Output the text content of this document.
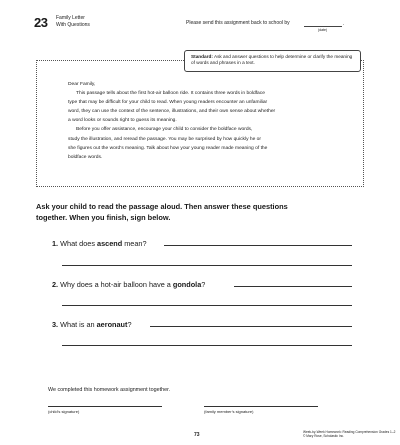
23 Family Letter
With Questions	Please send this assignment back to school by	.
(date)
Standard: Ask and answer questions to help determine or clarify the meaning of words and phrases in a text.

Dear Family,

This passage tells about the first hot-air balloon ride. It contains three words in boldface

type that may be difficult for your child to read. When young readers encounter an unfamiliar

word, they can use the context of the sentence, illustrations, and their own sense about whether

a word looks or sounds right to guess its meaning.

Before you offer assistance, encourage your child to consider the boldface words,

study the illustration, and reread the passage. You may be surprised by how quickly he or

she figures out the word’s meaning. Talk about how your young reader made meaning of the

boldface words.

Ask your child to read the passage aloud. Then answer these questions
together. When you finish, sign below.
1. What does ascend mean?
2. Why does a hot-air balloon have a gondola?
3. What is an aeronaut?
We completed this homework assignment together.
(child’s signature)	(family member’s signature)
73	Week-by-Week Homework: Reading Comprehension Grades 1–2
© Mary Rose, Scholastic Inc.
